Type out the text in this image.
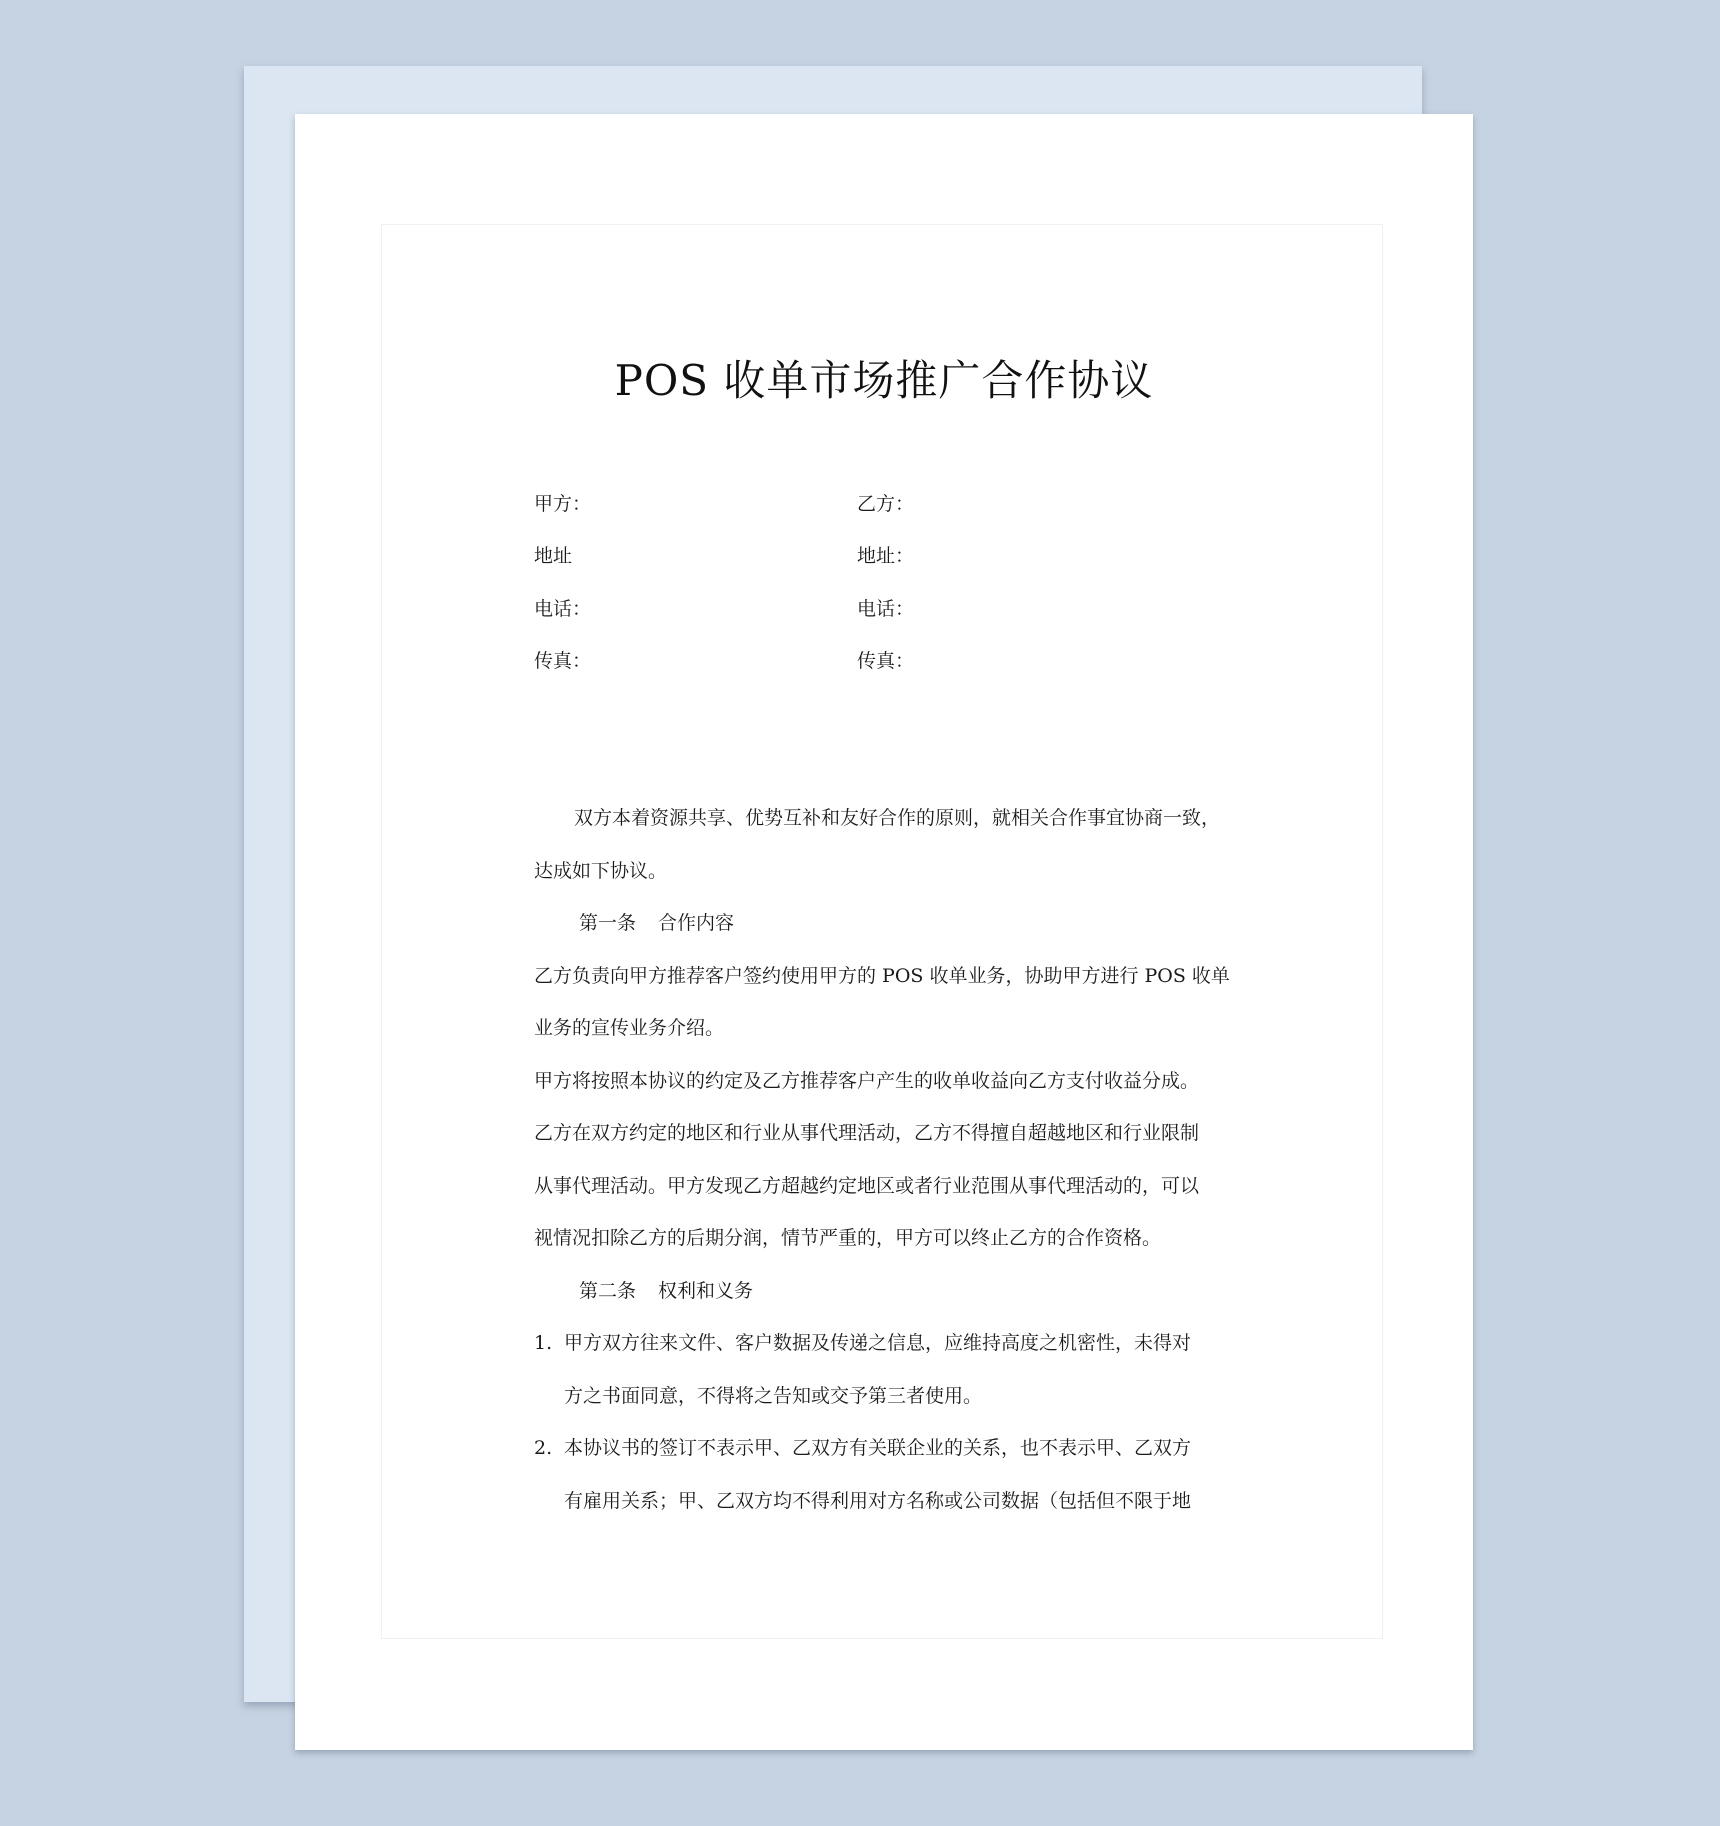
POS 收单市场推广合作协议
甲方：	乙方：
地址	地址：
电话：	电话：
传真：	传真：

双方本着资源共享、优势互补和友好合作的原则，就相关合作事宜协商一致，

达成如下协议。

第一条 合作内容

乙方负责向甲方推荐客户签约使用甲方的 POS 收单业务，协助甲方进行 POS 收单

业务的宣传业务介绍。

甲方将按照本协议的约定及乙方推荐客户产生的收单收益向乙方支付收益分成。

乙方在双方约定的地区和行业从事代理活动，乙方不得擅自超越地区和行业限制

从事代理活动。甲方发现乙方超越约定地区或者行业范围从事代理活动的，可以

视情况扣除乙方的后期分润，情节严重的，甲方可以终止乙方的合作资格。

第二条 权利和义务
1. 甲方双方往来文件、客户数据及传递之信息，应维持高度之机密性，未得对
方之书面同意，不得将之告知或交予第三者使用。
2. 本协议书的签订不表示甲、乙双方有关联企业的关系，也不表示甲、乙双方
有雇用关系；甲、乙双方均不得利用对方名称或公司数据（包括但不限于地
